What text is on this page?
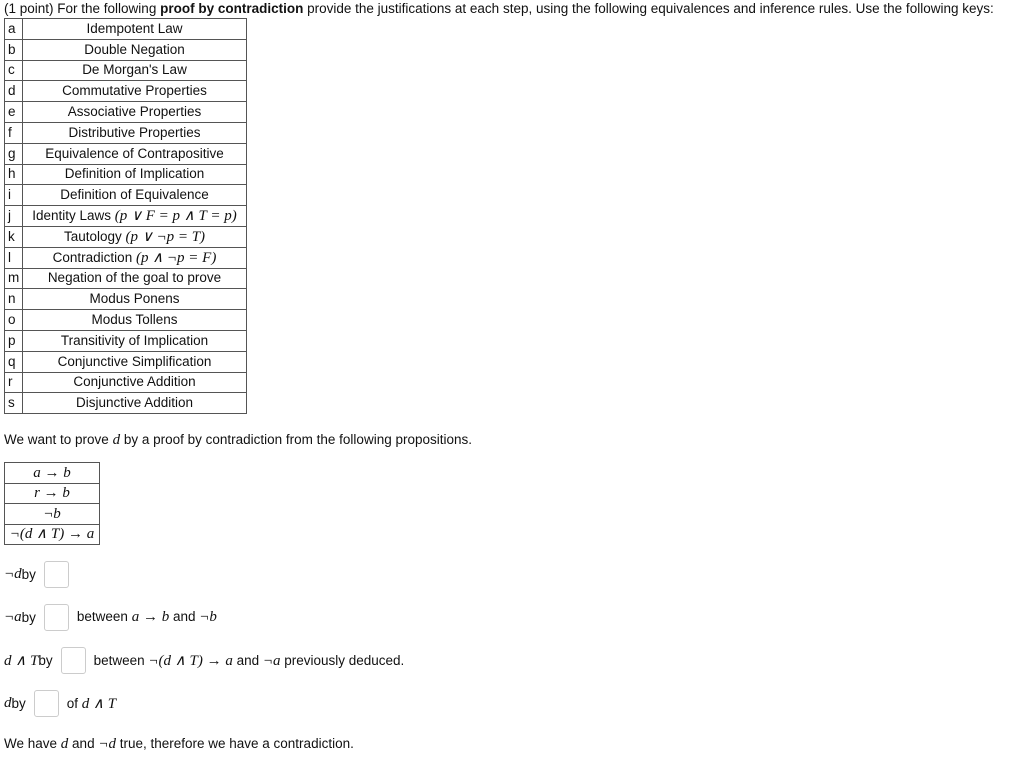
(1 point) For the following proof by contradiction provide the justifications at each step, using the following equivalences and inference rules. Use the following keys:
a	Idempotent Law
b	Double Negation
c	De Morgan's Law
d	Commutative Properties
e	Associative Properties
f	Distributive Properties
g	Equivalence of Contrapositive
h	Definition of Implication
i	Definition of Equivalence
j	Identity Laws (p ∨ F = p ∧ T = p)
k	Tautology (p ∨ ¬p = T)
l	Contradiction (p ∧ ¬p = F)
m	Negation of the goal to prove
n	Modus Ponens
o	Modus Tollens
p	Transitivity of Implication
q	Conjunctive Simplification
r	Conjunctive Addition
s	Disjunctive Addition
We want to prove d by a proof by contradiction from the following propositions.
a → b
r → b
¬b
¬(d ∧ T) → a
¬d by
¬a by	between a → b and ¬b
d ∧ T by	between ¬(d ∧ T) → a and ¬a previously deduced.
d by	of d ∧ T
We have d and ¬d true, therefore we have a contradiction.
